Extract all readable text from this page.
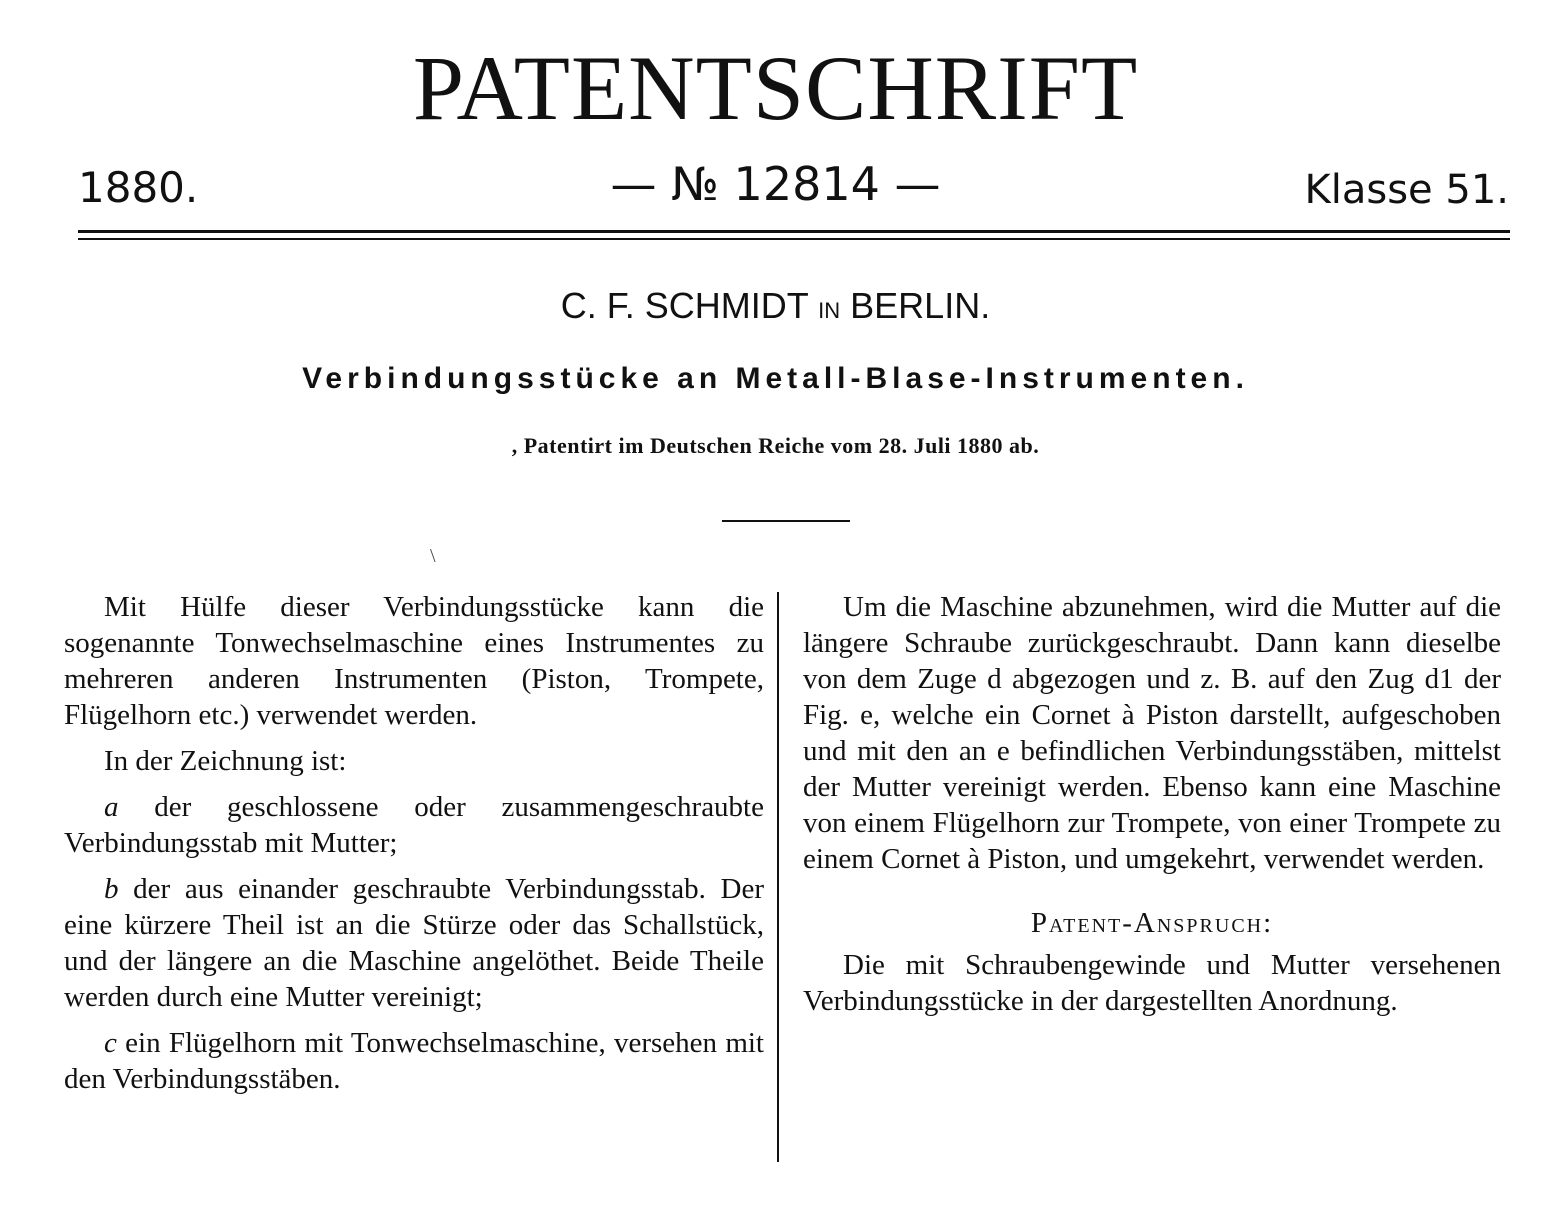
PATENTSCHRIFT
1880.	— № 12814 —	Klasse 51.
C. F. SCHMIDT IN BERLIN.
Verbindungsstücke an Metall-Blase-Instrumenten.
, Patentirt im Deutschen Reiche vom 28. Juli 1880 ab.
\

Mit Hülfe dieser Verbindungsstücke kann die sogenannte Tonwechselmaschine eines Instrumentes zu mehreren anderen Instrumenten (Piston, Trompete, Flügelhorn etc.) verwendet werden.

In der Zeichnung ist:

a der geschlossene oder zusammengeschraubte Verbindungsstab mit Mutter;

b der aus einander geschraubte Verbindungsstab. Der eine kürzere Theil ist an die Stürze oder das Schallstück, und der längere an die Maschine angelöthet. Beide Theile werden durch eine Mutter vereinigt;

c ein Flügelhorn mit Tonwechselmaschine, versehen mit den Verbindungsstäben.

Um die Maschine abzunehmen, wird die Mutter auf die längere Schraube zurückgeschraubt. Dann kann dieselbe von dem Zuge d abgezogen und z. B. auf den Zug d1 der Fig. e, welche ein Cornet à Piston darstellt, aufgeschoben und mit den an e befindlichen Verbindungsstäben, mittelst der Mutter vereinigt werden. Ebenso kann eine Maschine von einem Flügelhorn zur Trompete, von einer Trompete zu einem Cornet à Piston, und umgekehrt, verwendet werden.

Patent-Anspruch:

Die mit Schraubengewinde und Mutter versehenen Verbindungsstücke in der dargestellten Anordnung.
